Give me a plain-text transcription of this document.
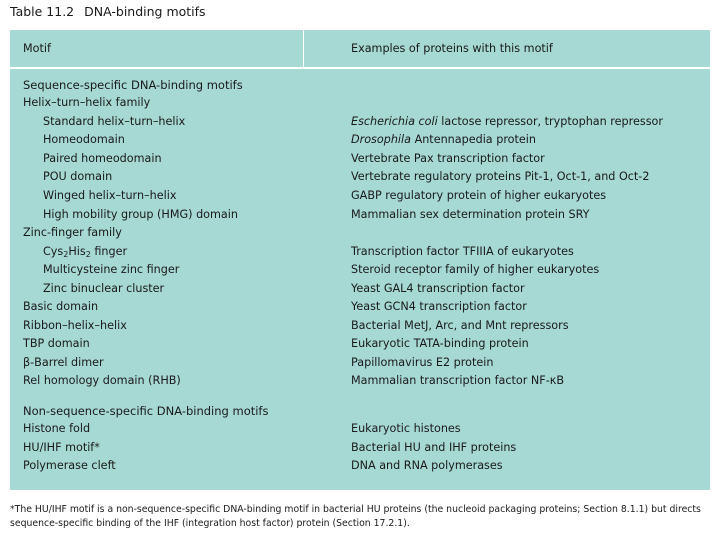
Table 11.2 DNA-binding motifs
Motif	Examples of proteins with this motif
Sequence-specific DNA-binding motifs
Helix–turn–helix family
Standard helix–turn–helix	Escherichia coli lactose repressor, tryptophan repressor
Homeodomain	Drosophila Antennapedia protein
Paired homeodomain	Vertebrate Pax transcription factor
POU domain	Vertebrate regulatory proteins Pit-1, Oct-1, and Oct-2
Winged helix–turn–helix	GABP regulatory protein of higher eukaryotes
High mobility group (HMG) domain	Mammalian sex determination protein SRY
Zinc-finger family
Cys$_2$His$_2$ finger	Transcription factor TFIIIA of eukaryotes
Multicysteine zinc finger	Steroid receptor family of higher eukaryotes
Zinc binuclear cluster	Yeast GAL4 transcription factor
Basic domain	Yeast GCN4 transcription factor
Ribbon–helix–helix	Bacterial MetJ, Arc, and Mnt repressors
TBP domain	Eukaryotic TATA-binding protein
β-Barrel dimer	Papillomavirus E2 protein
Rel homology domain (RHB)	Mammalian transcription factor NF-κB
Non-sequence-specific DNA-binding motifs
Histone fold	Eukaryotic histones
HU/IHF motif*	Bacterial HU and IHF proteins
Polymerase cleft	DNA and RNA polymerases
*The HU/IHF motif is a non-sequence-specific DNA-binding motif in bacterial HU proteins (the nucleoid packaging proteins; Section 8.1.1) but directs sequence-specific binding of the IHF (integration host factor) protein (Section 17.2.1).
